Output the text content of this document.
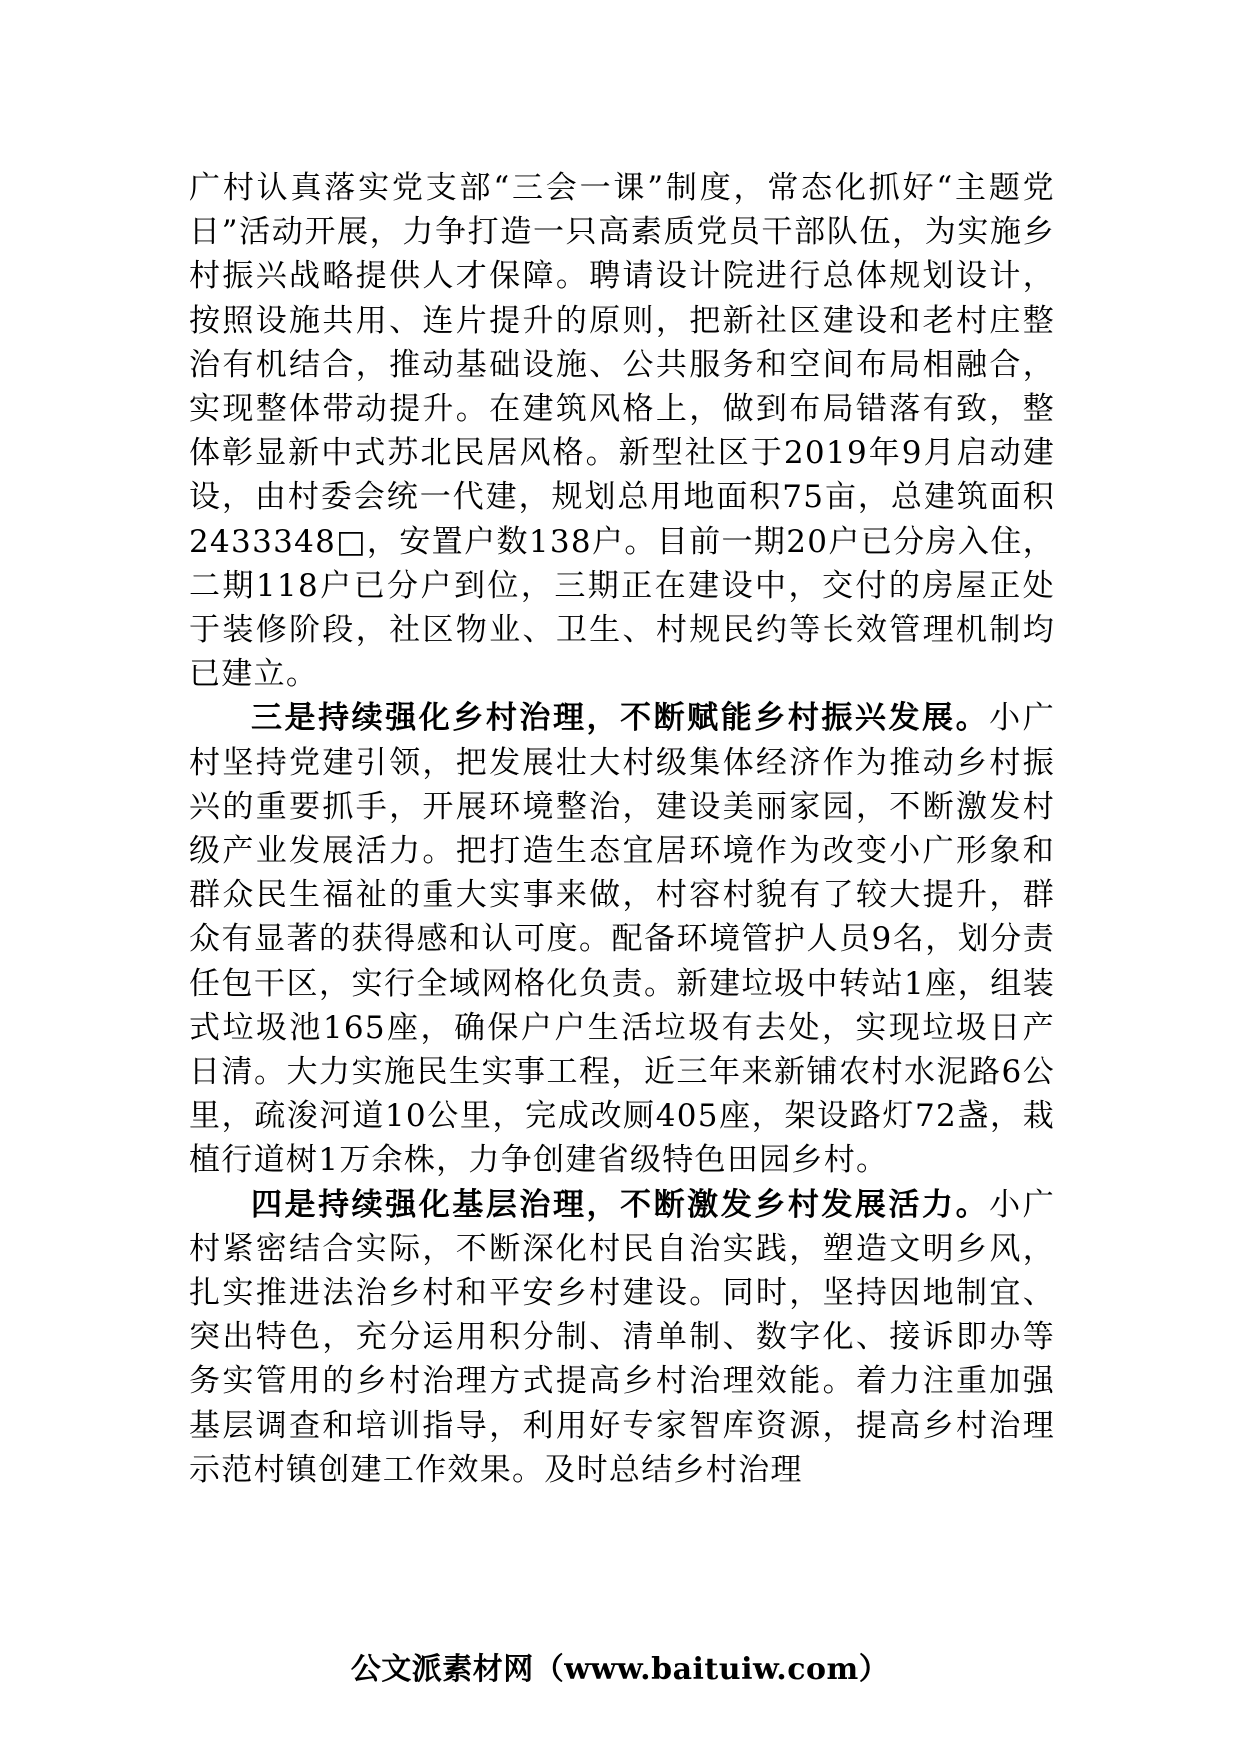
广村认真落实党支部“三会一课”制度，常态化抓好“主题党日”活动开展，力争打造一只高素质党员干部队伍，为实施乡村振兴战略提供人才保障。聘请设计院进行总体规划设计，按照设施共用、连片提升的原则，把新社区建设和老村庄整治有机结合，推动基础设施、公共服务和空间布局相融合，实现整体带动提升。在建筑风格上，做到布局错落有致，整体彰显新中式苏北民居风格。新型社区于2019年9月启动建设，由村委会统一代建，规划总用地面积75亩，总建筑面积2433348□，安置户数138户。目前一期20户已分房入住，二期118户已分户到位，三期正在建设中，交付的房屋正处于装修阶段，社区物业、卫生、村规民约等长效管理机制均已建立。

三是持续强化乡村治理，不断赋能乡村振兴发展。小广村坚持党建引领，把发展壮大村级集体经济作为推动乡村振兴的重要抓手，开展环境整治，建设美丽家园，不断激发村级产业发展活力。把打造生态宜居环境作为改变小广形象和群众民生福祉的重大实事来做，村容村貌有了较大提升，群众有显著的获得感和认可度。配备环境管护人员9名，划分责任包干区，实行全域网格化负责。新建垃圾中转站1座，组装式垃圾池165座，确保户户生活垃圾有去处，实现垃圾日产日清。大力实施民生实事工程，近三年来新铺农村水泥路6公里，疏浚河道10公里，完成改厕405座，架设路灯72盏，栽植行道树1万余株，力争创建省级特色田园乡村。

四是持续强化基层治理，不断激发乡村发展活力。小广村紧密结合实际，不断深化村民自治实践，塑造文明乡风，扎实推进法治乡村和平安乡村建设。同时，坚持因地制宜、突出特色，充分运用积分制、清单制、数字化、接诉即办等务实管用的乡村治理方式提高乡村治理效能。着力注重加强基层调查和培训指导，利用好专家智库资源，提高乡村治理示范村镇创建工作效果。及时总结乡村治理

公文派素材网（www.baituiw.com）
